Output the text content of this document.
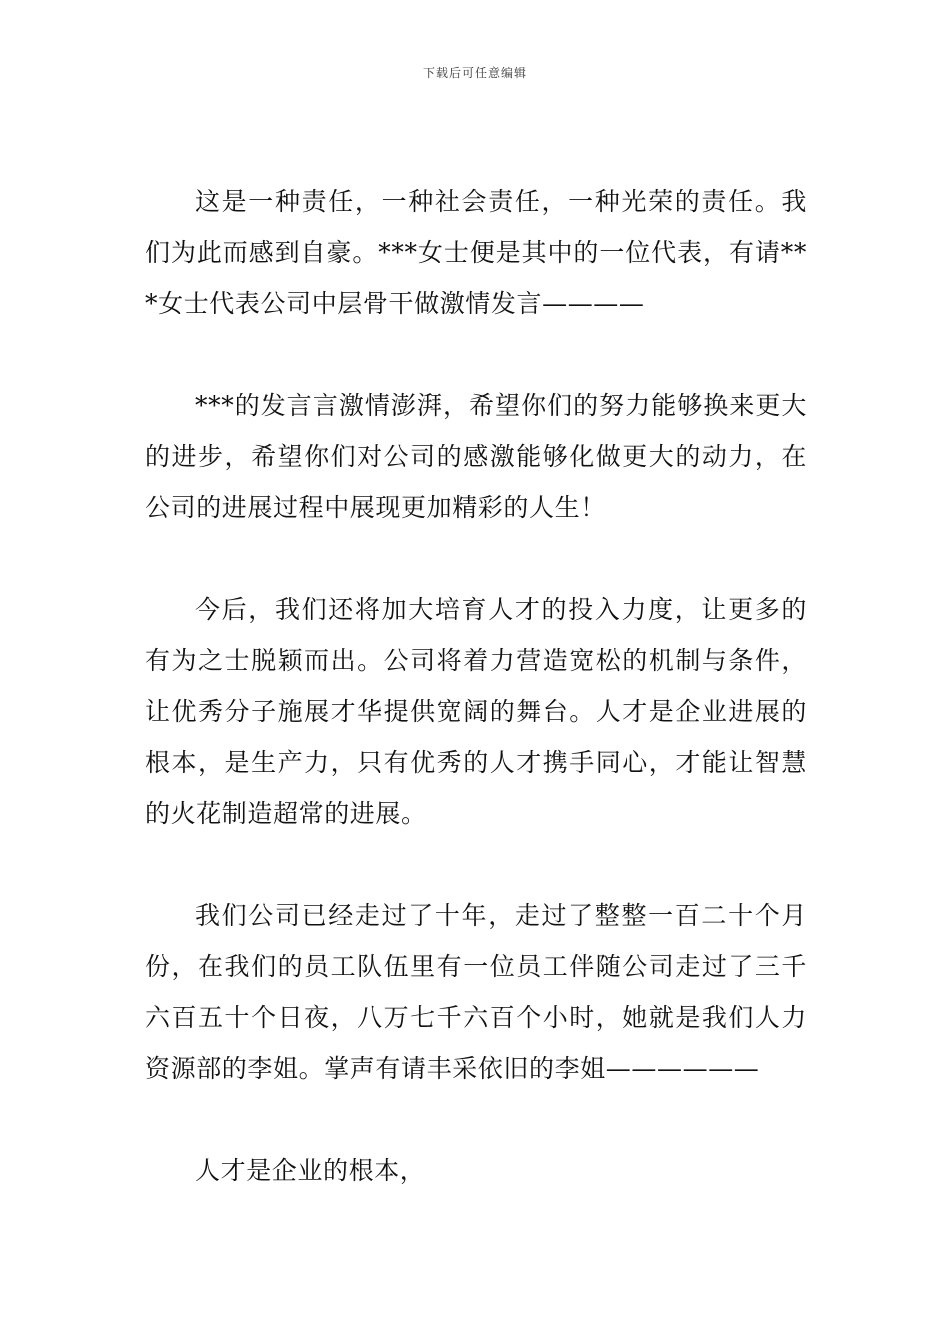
下载后可任意编辑

这是一种责任，一种社会责任，一种光荣的责任。我们为此而感到自豪。***女士便是其中的一位代表，有请***女士代表公司中层骨干做激情发言————

***的发言言激情澎湃，希望你们的努力能够换来更大的进步，希望你们对公司的感激能够化做更大的动力，在公司的进展过程中展现更加精彩的人生！

今后，我们还将加大培育人才的投入力度，让更多的有为之士脱颖而出。公司将着力营造宽松的机制与条件，让优秀分子施展才华提供宽阔的舞台。人才是企业进展的根本，是生产力，只有优秀的人才携手同心，才能让智慧的火花制造超常的进展。

我们公司已经走过了十年，走过了整整一百二十个月份，在我们的员工队伍里有一位员工伴随公司走过了三千六百五十个日夜，八万七千六百个小时，她就是我们人力资源部的李姐。掌声有请丰采依旧的李姐——————

人才是企业的根本，
